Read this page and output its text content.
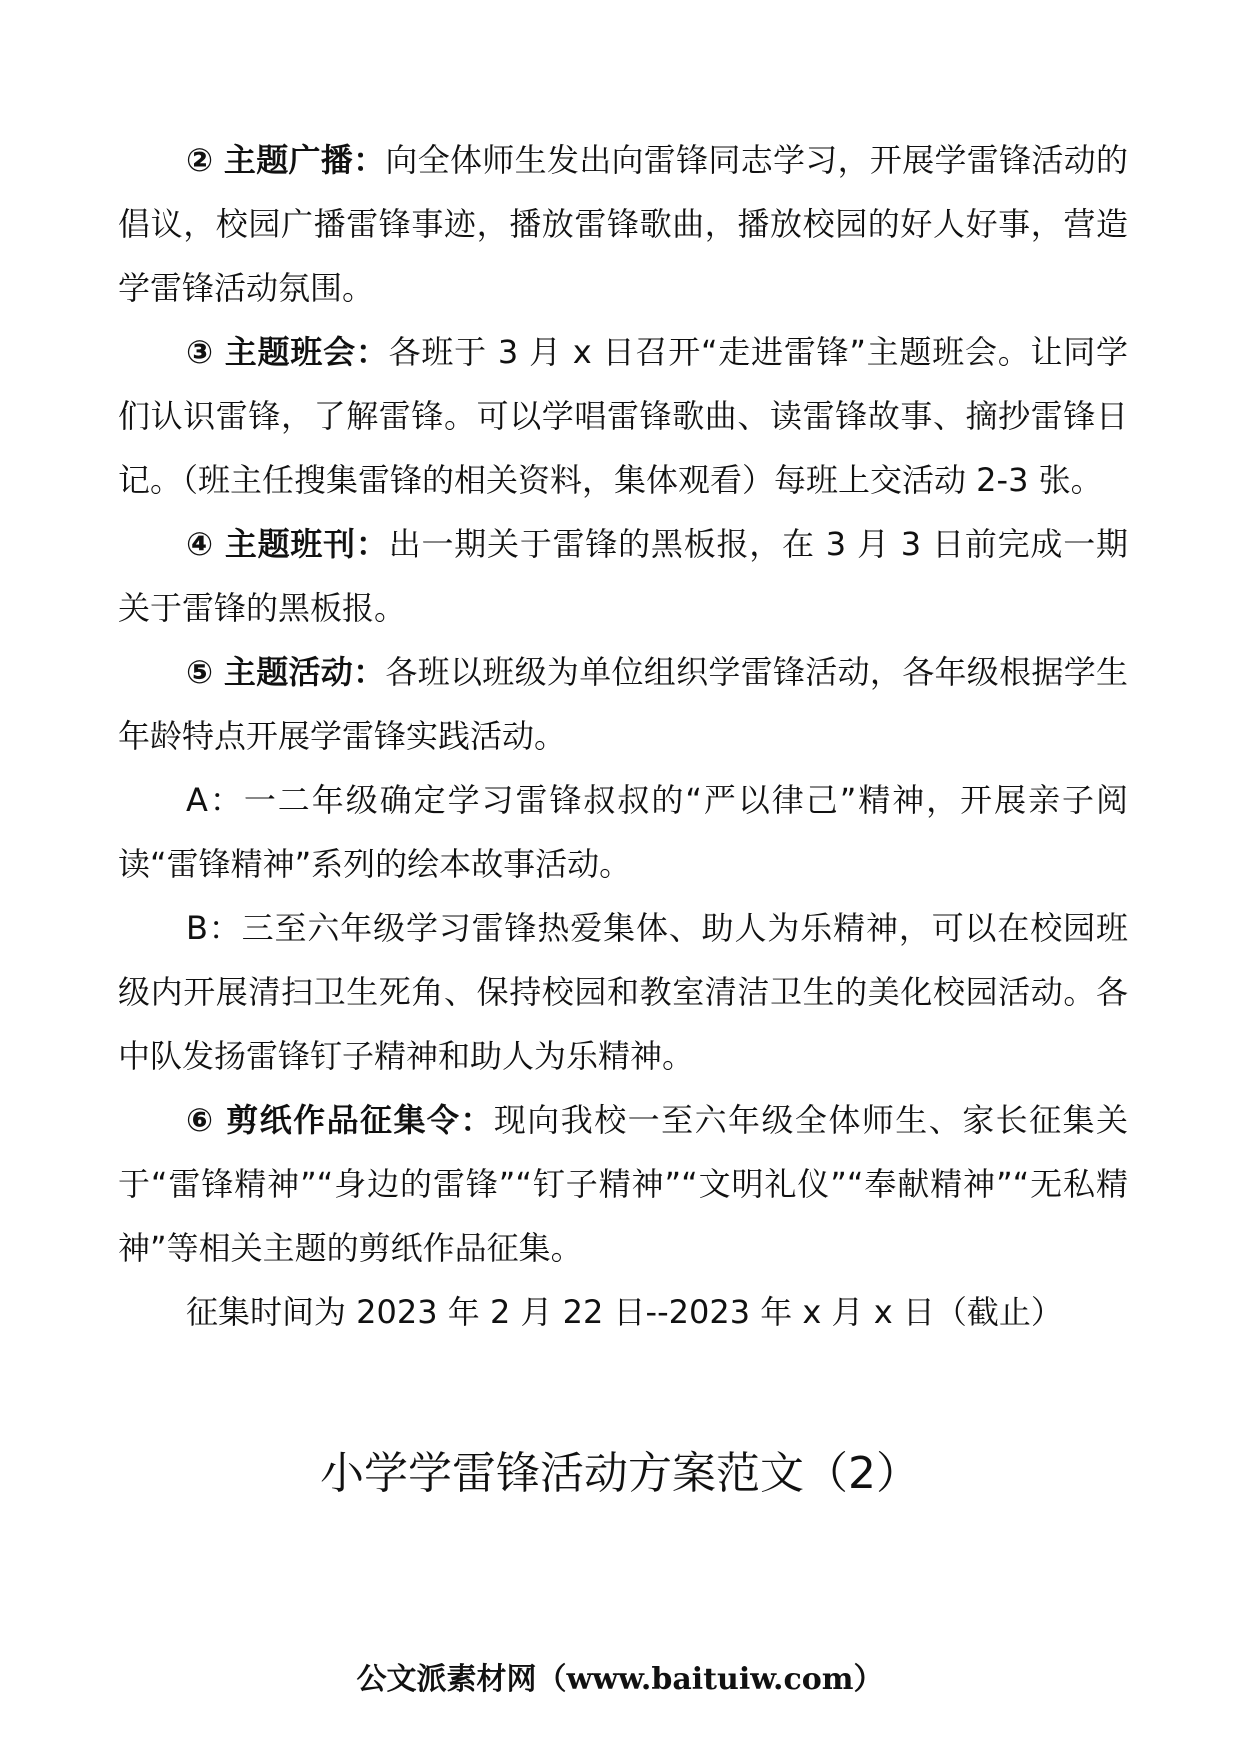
② 主题广播：向全体师生发出向雷锋同志学习，开展学雷锋活动的倡议，校园广播雷锋事迹，播放雷锋歌曲，播放校园的好人好事，营造学雷锋活动氛围。

③ 主题班会：各班于 3 月 x 日召开“走进雷锋”主题班会。让同学们认识雷锋，了解雷锋。可以学唱雷锋歌曲、读雷锋故事、摘抄雷锋日记。（班主任搜集雷锋的相关资料，集体观看）每班上交活动 2-3 张。

④ 主题班刊：出一期关于雷锋的黑板报，在 3 月 3 日前完成一期关于雷锋的黑板报。

⑤ 主题活动：各班以班级为单位组织学雷锋活动，各年级根据学生年龄特点开展学雷锋实践活动。

A：一二年级确定学习雷锋叔叔的“严以律己”精神，开展亲子阅读“雷锋精神”系列的绘本故事活动。

B：三至六年级学习雷锋热爱集体、助人为乐精神，可以在校园班级内开展清扫卫生死角、保持校园和教室清洁卫生的美化校园活动。各中队发扬雷锋钉子精神和助人为乐精神。

⑥ 剪纸作品征集令：现向我校一至六年级全体师生、家长征集关于“雷锋精神”“身边的雷锋”“钉子精神”“文明礼仪”“奉献精神”“无私精神”等相关主题的剪纸作品征集。

征集时间为 2023 年 2 月 22 日--2023 年 x 月 x 日（截止）

小学学雷锋活动方案范文（2）
公文派素材网（www.baituiw.com）
